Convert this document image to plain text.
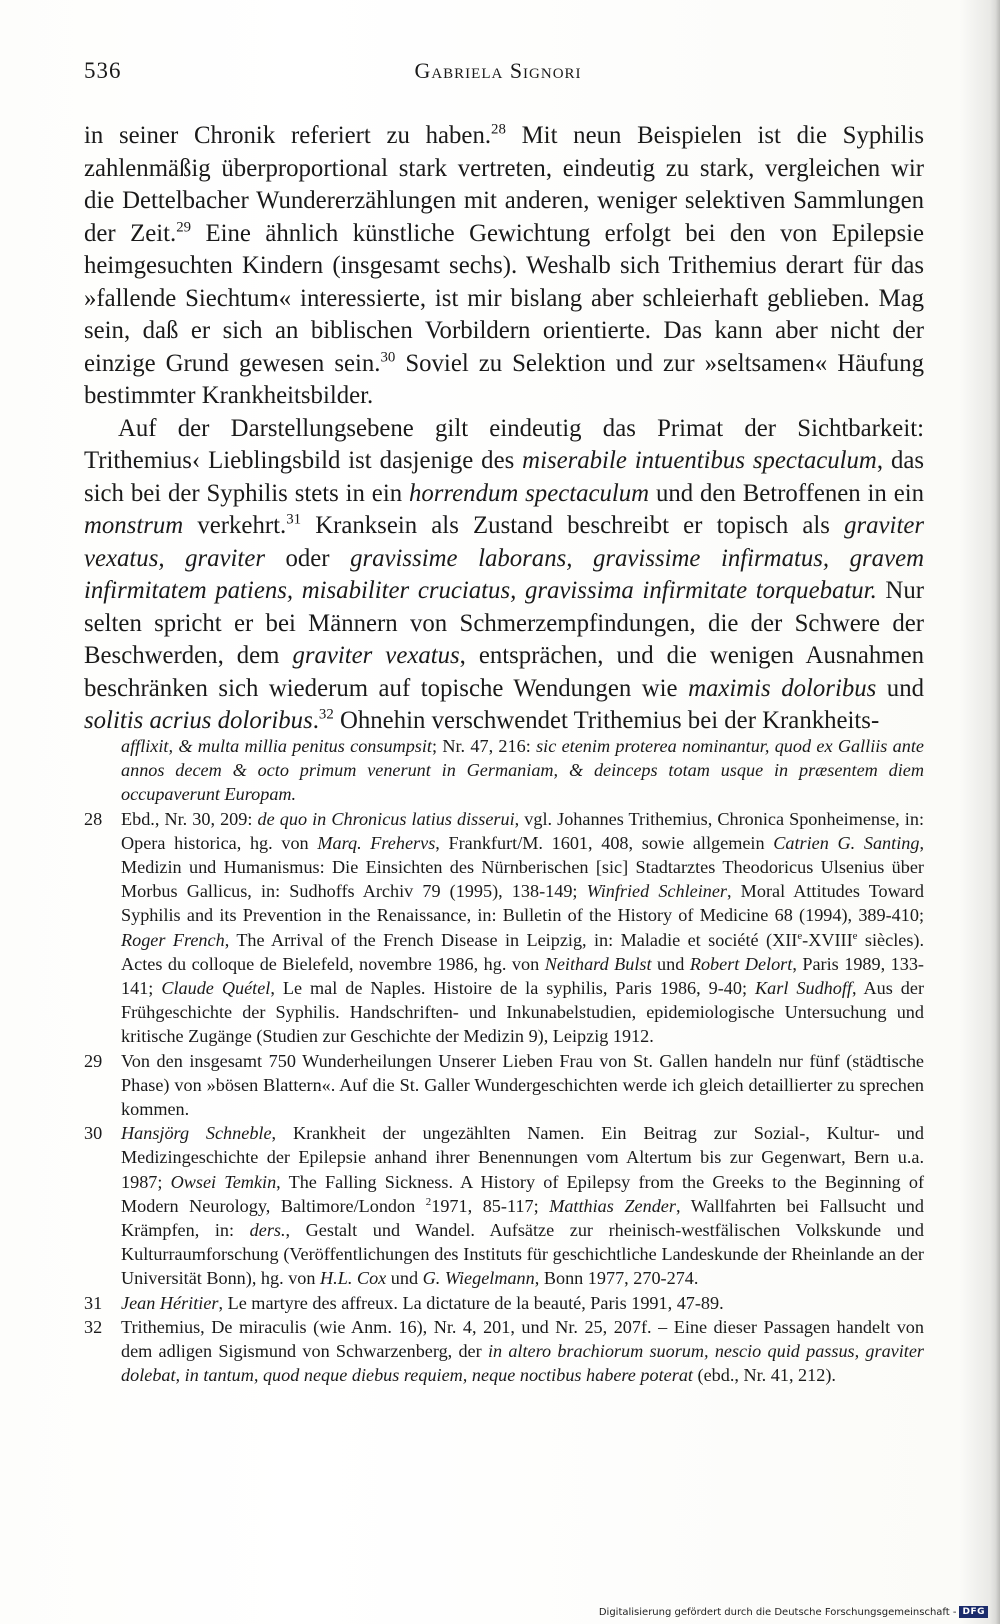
536	Gabriela Signori

in seiner Chronik referiert zu haben.$^{28}$ Mit neun Beispielen ist die Syphilis zahlenmäßig überproportional stark vertreten, eindeutig zu stark, vergleichen wir die Dettelbacher Wundererzählungen mit anderen, weniger selektiven Sammlungen der Zeit.$^{29}$ Eine ähnlich künstliche Gewichtung erfolgt bei den von Epilepsie heimgesuchten Kindern (insgesamt sechs). Weshalb sich Trithemius derart für das »fallende Siechtum« interessierte, ist mir bislang aber schleierhaft geblieben. Mag sein, daß er sich an biblischen Vorbildern orientierte. Das kann aber nicht der einzige Grund gewesen sein.$^{30}$ Soviel zu Selektion und zur »seltsamen« Häufung bestimmter Krankheitsbilder.

Auf der Darstellungsebene gilt eindeutig das Primat der Sichtbarkeit: Trithemius‹ Lieblingsbild ist dasjenige des miserabile intuentibus spectaculum, das sich bei der Syphilis stets in ein horrendum spectaculum und den Betroffenen in ein monstrum verkehrt.$^{31}$ Kranksein als Zustand beschreibt er topisch als graviter vexatus, graviter oder gravissime laborans, gravissime infirmatus, gravem infirmitatem patiens, misabiliter cruciatus, gravissima infirmitate torquebatur. Nur selten spricht er bei Männern von Schmerzempfindungen, die der Schwere der Beschwerden, dem graviter vexatus, entsprächen, und die wenigen Ausnahmen beschränken sich wiederum auf topische Wendungen wie maximis doloribus und solitis acrius doloribus.$^{32}$ Ohnehin verschwendet Trithemius bei der Krankheits-

afflixit, & multa millia penitus consumpsit; Nr. 47, 216: sic etenim proterea nominantur, quod ex Galliis ante annos decem & octo primum venerunt in Germaniam, & deinceps totam usque in præsentem diem occupaverunt Europam.

28	Ebd., Nr. 30, 209: de quo in Chronicus latius disserui, vgl. Johannes Trithemius, Chronica Sponheimense, in: Opera historica, hg. von Marq. Frehervs, Frankfurt/M. 1601, 408, sowie allgemein Catrien G. Santing, Medizin und Humanismus: Die Einsichten des Nürnberischen [sic] Stadtarztes Theodoricus Ulsenius über Morbus Gallicus, in: Sudhoffs Archiv 79 (1995), 138-149; Winfried Schleiner, Moral Attitudes Toward Syphilis and its Prevention in the Renaissance, in: Bulletin of the History of Medicine 68 (1994), 389-410; Roger French, The Arrival of the French Disease in Leipzig, in: Maladie et société (XIIe-XVIIIe siècles). Actes du colloque de Bielefeld, novembre 1986, hg. von Neithard Bulst und Robert Delort, Paris 1989, 133-141; Claude Quétel, Le mal de Naples. Histoire de la syphilis, Paris 1986, 9-40; Karl Sudhoff, Aus der Frühgeschichte der Syphilis. Handschriften- und Inkunabelstudien, epidemiologische Untersuchung und kritische Zugänge (Studien zur Geschichte der Medizin 9), Leipzig 1912.
29	Von den insgesamt 750 Wunderheilungen Unserer Lieben Frau von St. Gallen handeln nur fünf (städtische Phase) von »bösen Blattern«. Auf die St. Galler Wundergeschichten werde ich gleich detaillierter zu sprechen kommen.
30	Hansjörg Schneble, Krankheit der ungezählten Namen. Ein Beitrag zur Sozial-, Kultur- und Medizingeschichte der Epilepsie anhand ihrer Benennungen vom Altertum bis zur Gegenwart, Bern u.a. 1987; Owsei Temkin, The Falling Sickness. A History of Epilepsy from the Greeks to the Beginning of Modern Neurology, Baltimore/London $^2$1971, 85-117; Matthias Zender, Wallfahrten bei Fallsucht und Krämpfen, in: ders., Gestalt und Wandel. Aufsätze zur rheinisch-westfälischen Volkskunde und Kulturraumforschung (Veröffentlichungen des Instituts für geschichtliche Landeskunde der Rheinlande an der Universität Bonn), hg. von H.L. Cox und G. Wiegelmann, Bonn 1977, 270-274.
31	Jean Héritier, Le martyre des affreux. La dictature de la beauté, Paris 1991, 47-89.
32	Trithemius, De miraculis (wie Anm. 16), Nr. 4, 201, und Nr. 25, 207f. – Eine dieser Passagen handelt von dem adligen Sigismund von Schwarzenberg, der in altero brachiorum suorum, nescio quid passus, graviter dolebat, in tantum, quod neque diebus requiem, neque noctibus habere poterat (ebd., Nr. 41, 212).
Digitalisierung gefördert durch die Deutsche Forschungsgemeinschaft - DFG
